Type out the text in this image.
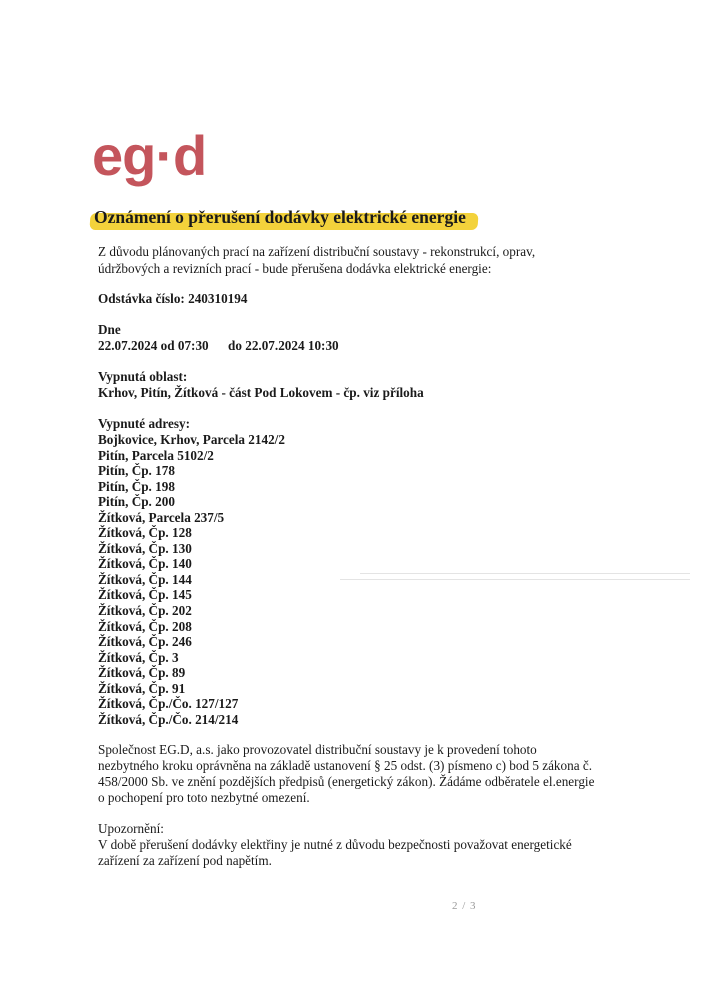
eg·d
Oznámení o přerušení dodávky elektrické energie
Z důvodu plánovaných prací na zařízení distribuční soustavy - rekonstrukcí, oprav,
údržbových a revizních prací - bude přerušena dodávka elektrické energie:
Odstávka číslo: 240310194
Dne
22.07.2024 od 07:30 do 22.07.2024 10:30
Vypnutá oblast:
Krhov, Pitín, Žítková - část Pod Lokovem - čp. viz příloha
Vypnuté adresy:
Bojkovice, Krhov, Parcela 2142/2
Pitín, Parcela 5102/2
Pitín, Čp. 178
Pitín, Čp. 198
Pitín, Čp. 200
Žítková, Parcela 237/5
Žítková, Čp. 128
Žítková, Čp. 130
Žítková, Čp. 140
Žítková, Čp. 144
Žítková, Čp. 145
Žítková, Čp. 202
Žítková, Čp. 208
Žítková, Čp. 246
Žítková, Čp. 3
Žítková, Čp. 89
Žítková, Čp. 91
Žítková, Čp./Čo. 127/127
Žítková, Čp./Čo. 214/214
Společnost EG.D, a.s. jako provozovatel distribuční soustavy je k provedení tohoto
nezbytného kroku oprávněna na základě ustanovení § 25 odst. (3) písmeno c) bod 5 zákona č.
458/2000 Sb. ve znění pozdějších předpisů (energetický zákon). Žádáme odběratele el.energie
o pochopení pro toto nezbytné omezení.
Upozornění:
V době přerušení dodávky elektřiny je nutné z důvodu bezpečnosti považovat energetické
zařízení za zařízení pod napětím.
2 / 3
